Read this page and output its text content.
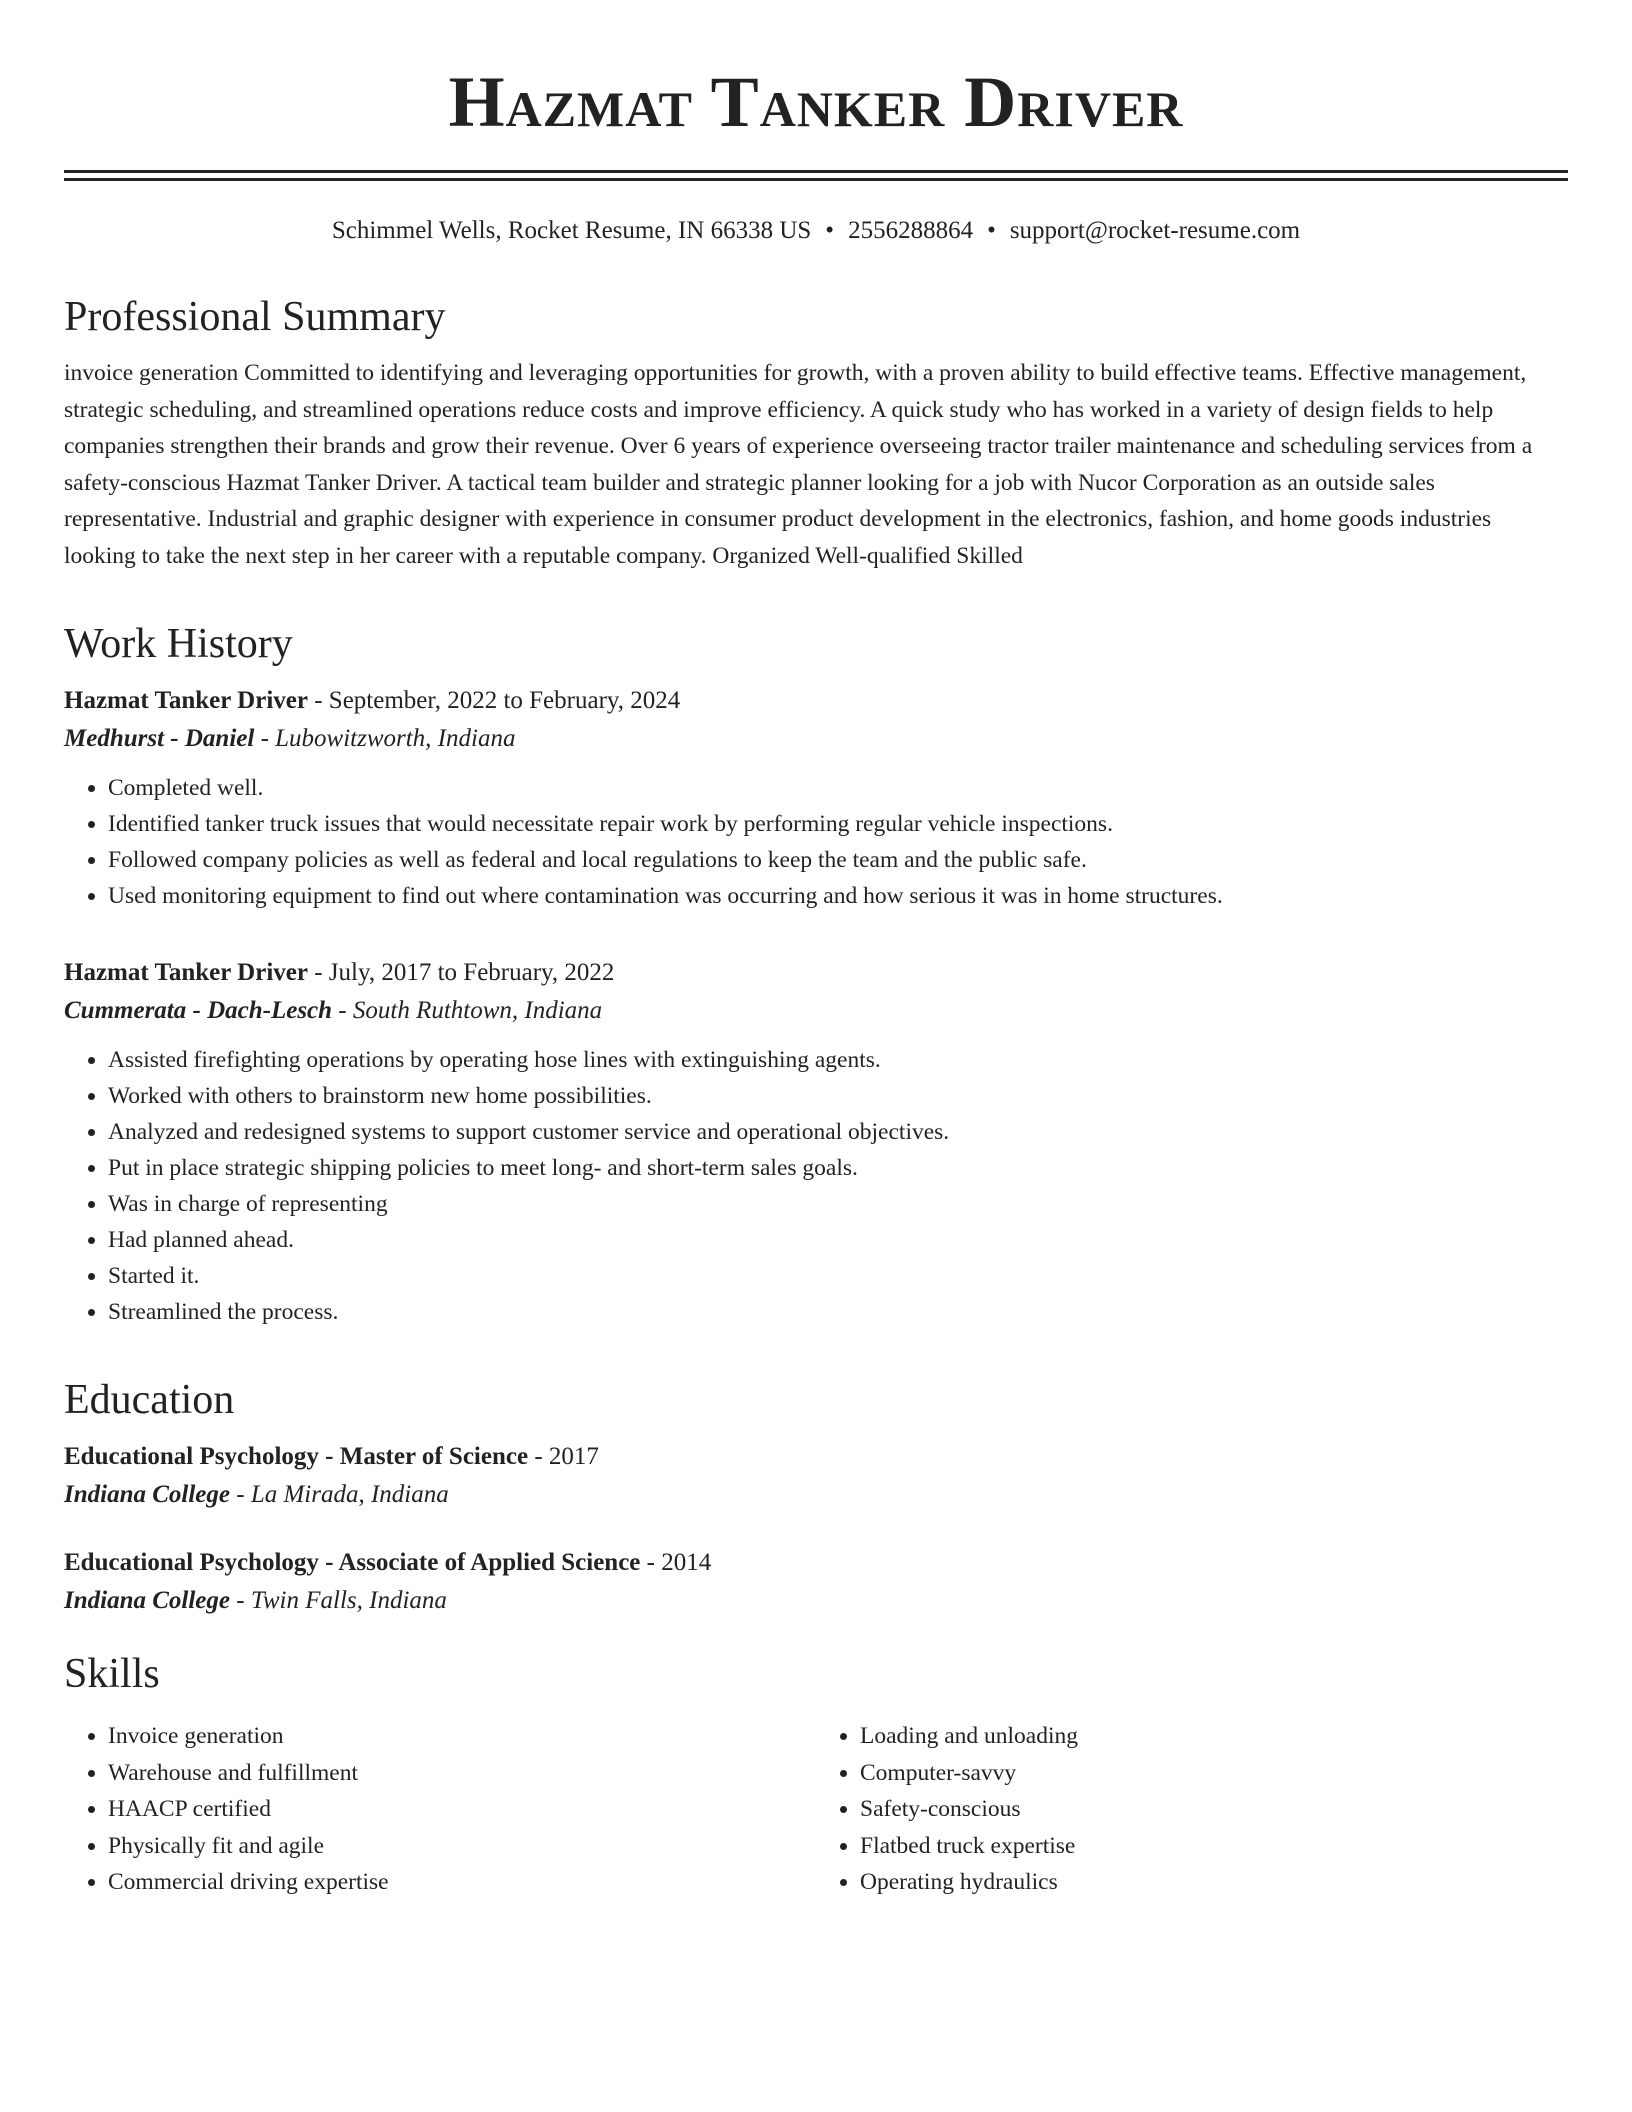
Hazmat Tanker Driver
Schimmel Wells, Rocket Resume, IN 66338 US • 2556288864 • support@rocket-resume.com
Professional Summary

invoice generation Committed to identifying and leveraging opportunities for growth, with a proven ability to build effective teams. Effective management, strategic scheduling, and streamlined operations reduce costs and improve efficiency. A quick study who has worked in a variety of design fields to help companies strengthen their brands and grow their revenue. Over 6 years of experience overseeing tractor trailer maintenance and scheduling services from a safety-conscious Hazmat Tanker Driver. A tactical team builder and strategic planner looking for a job with Nucor Corporation as an outside sales representative. Industrial and graphic designer with experience in consumer product development in the electronics, fashion, and home goods industries looking to take the next step in her career with a reputable company. Organized Well-qualified Skilled

Work History
Hazmat Tanker Driver - September, 2022 to February, 2024
Medhurst - Daniel - Lubowitzworth, Indiana
• Completed well.
• Identified tanker truck issues that would necessitate repair work by performing regular vehicle inspections.
• Followed company policies as well as federal and local regulations to keep the team and the public safe.
• Used monitoring equipment to find out where contamination was occurring and how serious it was in home structures.
Hazmat Tanker Driver - July, 2017 to February, 2022
Cummerata - Dach-Lesch - South Ruthtown, Indiana
• Assisted firefighting operations by operating hose lines with extinguishing agents.
• Worked with others to brainstorm new home possibilities.
• Analyzed and redesigned systems to support customer service and operational objectives.
• Put in place strategic shipping policies to meet long- and short-term sales goals.
• Was in charge of representing
• Had planned ahead.
• Started it.
• Streamlined the process.
Education
Educational Psychology - Master of Science - 2017
Indiana College - La Mirada, Indiana
Educational Psychology - Associate of Applied Science - 2014
Indiana College - Twin Falls, Indiana
Skills
• Invoice generation
• Warehouse and fulfillment
• HAACP certified
• Physically fit and agile
• Commercial driving expertise
• Loading and unloading
• Computer-savvy
• Safety-conscious
• Flatbed truck expertise
• Operating hydraulics
